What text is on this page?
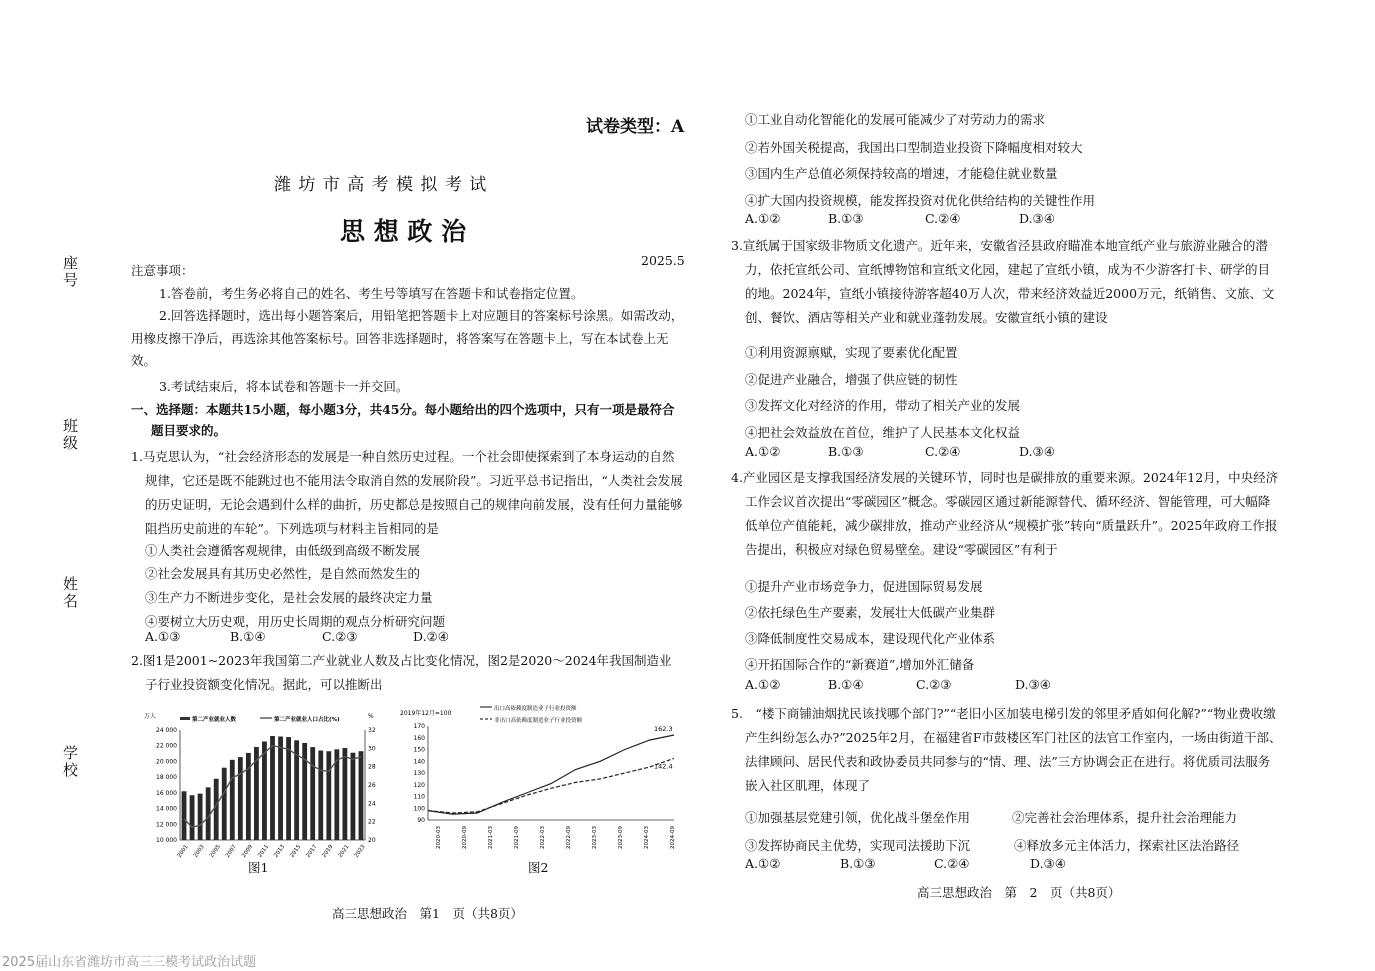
试卷类型：A
潍 坊 市 高 考 模 拟 考 试
思 想 政 治
2025.5
座号
班级
姓名
学校
注意事项：
1.答卷前，考生务必将自己的姓名、考生号等填写在答题卡和试卷指定位置。
2.回答选择题时，选出每小题答案后，用铅笔把答题卡上对应题目的答案标号涂黑。如需改动，用橡皮擦干净后，再选涂其他答案标号。回答非选择题时，将答案写在答题卡上，写在本试卷上无效。
3.考试结束后，将本试卷和答题卡一并交回。
一、选择题：本题共15小题，每小题3分，共45分。每小题给出的四个选项中，只有一项是最符合题目要求的。
1.马克思认为，“社会经济形态的发展是一种自然历史过程。一个社会即使探索到了本身运动的自然规律，它还是既不能跳过也不能用法令取消自然的发展阶段”。习近平总书记指出，“人类社会发展的历史证明，无论会遇到什么样的曲折，历史都总是按照自己的规律向前发展，没有任何力量能够阻挡历史前进的车轮”。下列选项与材料主旨相同的是
①人类社会遵循客观规律，由低级到高级不断发展
②社会发展具有其历史必然性，是自然而然发生的
③生产力不断进步变化，是社会发展的最终决定力量
④要树立大历史观，用历史长周期的观点分析研究问题
A.①③	B.①④	C.②③	D.②④
2.图1是2001~2023年我国第二产业就业人数及占比变化情况，图2是2020～2024年我国制造业子行业投资额变化情况。据此，可以推断出
万人	%
第二产业就业人数	第二产业就业人口占比(%)
10 000
12 000
14 000
16 000
18 000
20 000
22 000
24 000
20
22
24
26
28
30
32
2001 2003 2005 2007 2009 2011 2013 2015 2017 2019 2021 2023
图1
2019年12月=100
出口高依赖度制造业子行业投资额
非出口高依赖度制造业子行业投资额
90
100
110
120
130
140
150
160
170	162.3
142.4
2020-03	2020-09	2021-03	2021-09	2022-03	2022-09	2023-03	2023-09	2024-03	2024-09
图2
高三思想政治　第1　页（共8页）
①工业自动化智能化的发展可能减少了对劳动力的需求
②若外国关税提高，我国出口型制造业投资下降幅度相对较大
③国内生产总值必须保持较高的增速，才能稳住就业数量
④扩大国内投资规模，能发挥投资对优化供给结构的关键性作用
A.①②	B.①③	C.②④	D.③④
3.宣纸属于国家级非物质文化遗产。近年来，安徽省泾县政府瞄准本地宣纸产业与旅游业融合的潜力，依托宣纸公司、宣纸博物馆和宣纸文化园，建起了宣纸小镇，成为不少游客打卡、研学的目的地。2024年，宣纸小镇接待游客超40万人次，带来经济效益近2000万元，纸销售、文旅、文创、餐饮、酒店等相关产业和就业蓬勃发展。安徽宣纸小镇的建设
①利用资源禀赋，实现了要素优化配置
②促进产业融合，增强了供应链的韧性
③发挥文化对经济的作用，带动了相关产业的发展
④把社会效益放在首位，维护了人民基本文化权益
A.①②	B.①③	C.②④	D.③④
4.产业园区是支撑我国经济发展的关键环节，同时也是碳排放的重要来源。2024年12月，中央经济工作会议首次提出“零碳园区”概念。零碳园区通过新能源替代、循环经济、智能管理，可大幅降低单位产值能耗，减少碳排放，推动产业经济从“规模扩张”转向“质量跃升”。2025年政府工作报告提出，积极应对绿色贸易壁垒。建设“零碳园区”有利于
①提升产业市场竞争力，促进国际贸易发展
②依托绿色生产要素，发展壮大低碳产业集群
③降低制度性交易成本，建设现代化产业体系
④开拓国际合作的“新赛道”,增加外汇储备
A.①②	B.①④	C.②③	D.③④
5.　“楼下商铺油烟扰民该找哪个部门?”“老旧小区加装电梯引发的邻里矛盾如何化解?”“物业费收缴产生纠纷怎么办?”2025年2月，在福建省F市鼓楼区军门社区的法官工作室内，一场由街道干部、法律顾问、居民代表和政协委员共同参与的“情、理、法”三方协调会正在进行。将优质司法服务嵌入社区肌理，体现了
①加强基层党建引领，优化战斗堡垒作用	②完善社会治理体系，提升社会治理能力
③发挥协商民主优势，实现司法援助下沉	④释放多元主体活力，探索社区法治路径
A.①②	B.①③	C.②④	D.③④
高三思想政治　第　2　页（共8页）
2025届山东省潍坊市高三三模考试政治试题
